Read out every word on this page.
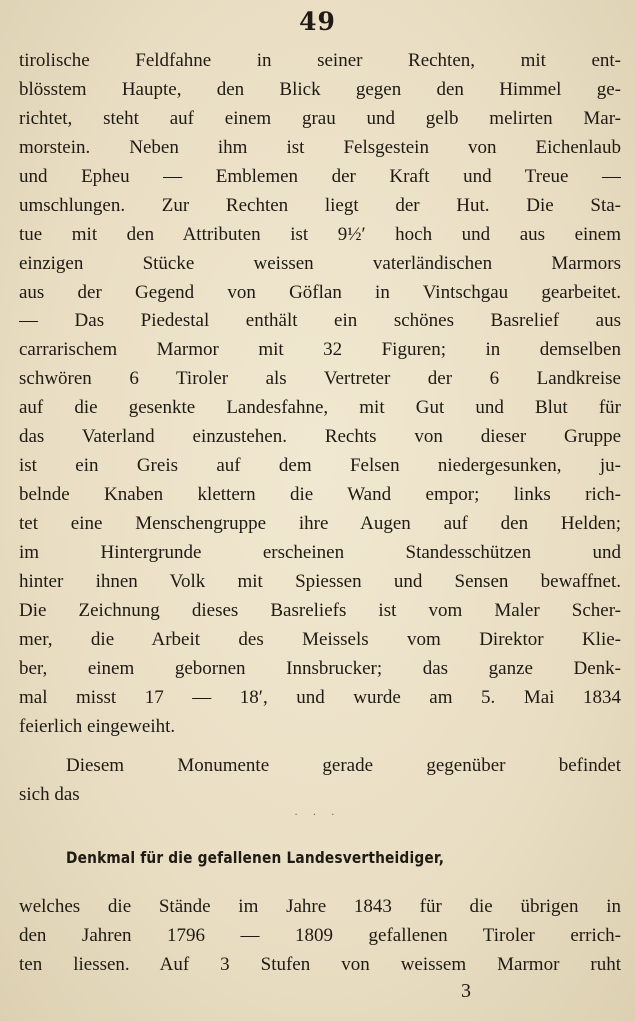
49
tirolische Feldfahne in seiner Rechten, mit ent-
blösstem Haupte, den Blick gegen den Himmel ge-
richtet, steht auf einem grau und gelb melirten Mar-
morstein. Neben ihm ist Felsgestein von Eichenlaub
und Epheu — Emblemen der Kraft und Treue —
umschlungen. Zur Rechten liegt der Hut. Die Sta-
tue mit den Attributen ist 9½′ hoch und aus einem
einzigen Stücke weissen vaterländischen Marmors
aus der Gegend von Göflan in Vintschgau gearbeitet.
— Das Piedestal enthält ein schönes Basrelief aus
carrarischem Marmor mit 32 Figuren; in demselben
schwören 6 Tiroler als Vertreter der 6 Landkreise
auf die gesenkte Landesfahne, mit Gut und Blut für
das Vaterland einzustehen. Rechts von dieser Gruppe
ist ein Greis auf dem Felsen niedergesunken, ju-
belnde Knaben klettern die Wand empor; links rich-
tet eine Menschengruppe ihre Augen auf den Helden;
im Hintergrunde erscheinen Standesschützen und
hinter ihnen Volk mit Spiessen und Sensen bewaffnet.
Die Zeichnung dieses Basreliefs ist vom Maler Scher-
mer, die Arbeit des Meissels vom Direktor Klie-
ber, einem gebornen Innsbrucker; das ganze Denk-
mal misst 17 — 18′, und wurde am 5. Mai 1834
feierlich eingeweiht.
Diesem Monumente gerade gegenüber befindet
sich das
· · ·
Denkmal für die gefallenen Landesvertheidiger,
welches die Stände im Jahre 1843 für die übrigen in
den Jahren 1796 — 1809 gefallenen Tiroler errich-
ten liessen. Auf 3 Stufen von weissem Marmor ruht
3
